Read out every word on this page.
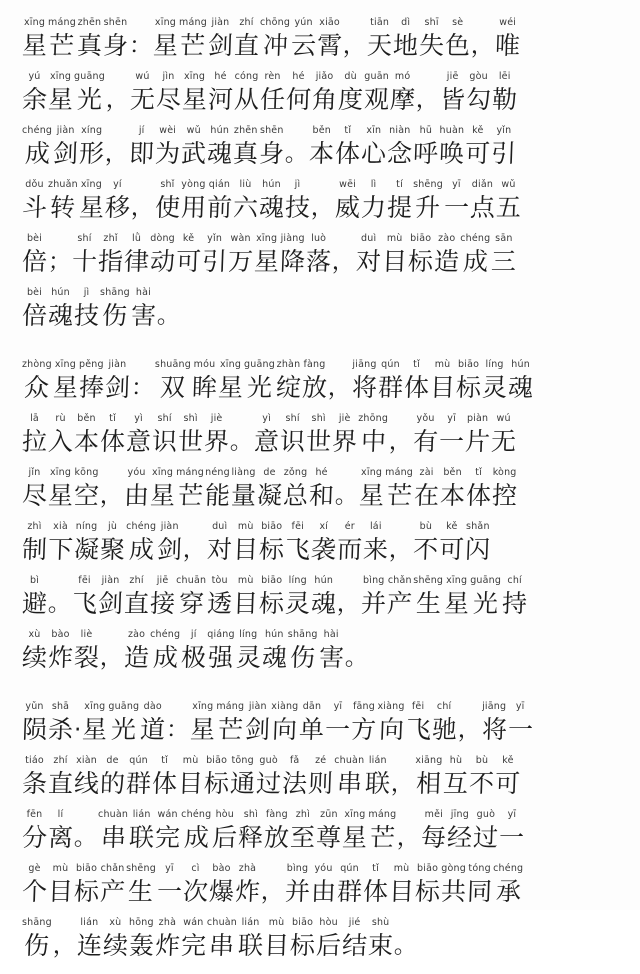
xīng
星
máng
芒
zhēn
真
shēn
身 ：
xīng
星
máng
芒
jiàn
剑
zhí
直
chōng
冲
yún
云
xiāo
霄 ，
tiān
天
dì
地
shī
失
sè
色 ，
wéi
唯
yú
余
xīng
星
guāng
光 ，
wú
无
jìn
尽
xīng
星
hé
河
cóng
从
rèn
任
hé
何
jiǎo
角
dù
度
guān
观
mó
摩 ，
jiē
皆
gòu
勾
lēi
勒
chéng
成
jiàn
剑
xíng
形 ，
jí
即
wèi
为
wǔ
武
hún
魂
zhēn
真
shēn
身 。
běn
本
tǐ
体
xīn
心
niàn
念
hū
呼
huàn
唤
kě
可
yǐn
引
dǒu
斗
zhuǎn
转
xīng
星
yí
移 ，
shǐ
使
yòng
用
qián
前
liù
六
hún
魂
jì
技 ，
wēi
威
lì
力
tí
提
shēng
升
yī
一
diǎn
点
wǔ
五
bèi
倍 ；
shí
十
zhǐ
指
lǜ
律
dòng
动
kě
可
yǐn
引
wàn
万
xīng
星
jiàng
降
luò
落 ，
duì
对
mù
目
biāo
标
zào
造
chéng
成
sān
三
bèi
倍
hún
魂
jì
技
shāng
伤
hài
害 。
zhòng
众
xīng
星
pěng
捧
jiàn
剑 ：
shuāng
双
móu
眸
xīng
星
guāng
光
zhàn
绽
fàng
放 ，
jiāng
将
qún
群
tǐ
体
mù
目
biāo
标
líng
灵
hún
魂
lā
拉
rù
入
běn
本
tǐ
体
yì
意
shí
识
shì
世
jiè
界 。
yì
意
shí
识
shì
世
jiè
界
zhōng
中 ，
yǒu
有
yī
一
piàn
片
wú
无
jǐn
尽
xīng
星
kōng
空 ，
yóu
由
xīng
星
máng
芒
néng
能
liàng
量
de
凝
zǒng
总
hé
和 。
xīng
星
máng
芒
zài
在
běn
本
tǐ
体
kòng
控
zhì
制
xià
下
níng
凝
jù
聚
chéng
成
jiàn
剑 ，
duì
对
mù
目
biāo
标
fēi
飞
xí
袭
ér
而
lái
来 ，
bù
不
kě
可
shǎn
闪
bì
避 。
fēi
飞
jiàn
剑
zhí
直
jiē
接
chuān
穿
tòu
透
mù
目
biāo
标
líng
灵
hún
魂 ，
bìng
并
chǎn
产
shēng
生
xīng
星
guāng
光
chí
持
xù
续
bào
炸
liè
裂 ，
zào
造
chéng
成
jí
极
qiáng
强
líng
灵
hún
魂
shāng
伤
hài
害 。
yǔn
陨
shā
杀 ·
xīng
星
guāng
光
dào
道 ：
xīng
星
máng
芒
jiàn
剑
xiàng
向
dān
单
yī
一
fāng
方
xiàng
向
fēi
飞
chí
驰 ，
jiāng
将
yī
一
tiáo
条
zhí
直
xiàn
线
de
的
qún
群
tǐ
体
mù
目
biāo
标
tōng
通
guò
过
fǎ
法
zé
则
chuàn
串
lián
联 ，
xiāng
相
hù
互
bù
不
kě
可
fēn
分
lí
离 。
chuàn
串
lián
联
wán
完
chéng
成
hòu
后
shì
释
fàng
放
zhì
至
zūn
尊
xīng
星
máng
芒 ，
měi
每
jīng
经
guò
过
yī
一
gè
个
mù
目
biāo
标
chǎn
产
shēng
生
yī
一
cì
次
bào
爆
zhà
炸 ，
bìng
并
yóu
由
qún
群
tǐ
体
mù
目
biāo
标
gòng
共
tóng
同
chéng
承
shāng
伤 ，
lián
连
xù
续
hōng
轰
zhà
炸
wán
完
chuàn
串
lián
联
mù
目
biāo
标
hòu
后
jié
结
shù
束 。
